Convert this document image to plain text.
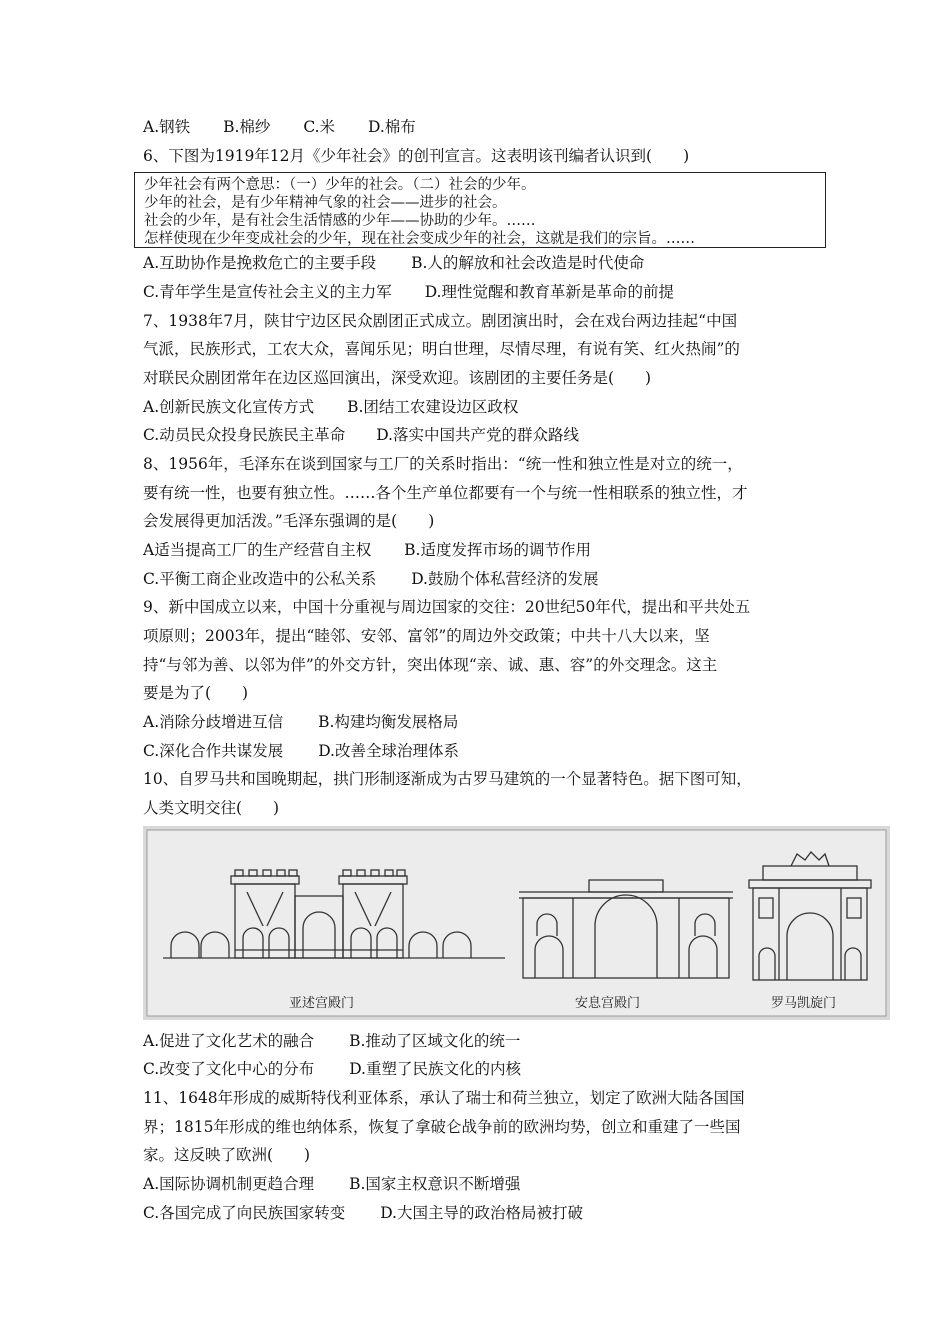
A.钢铁 B.棉纱 C.米 D.棉布
6、下图为1919年12月《少年社会》的创刊宣言。这表明该刊编者认识到(　　)
少年社会有两个意思：（一）少年的社会。（二）社会的少年。
少年的社会，是有少年精神气象的社会——进步的社会。
社会的少年，是有社会生活情感的少年——协助的少年。……
怎样使现在少年变成社会的少年，现在社会变成少年的社会，这就是我们的宗旨。……
A.互助协作是挽救危亡的主要手段 B.人的解放和社会改造是时代使命
C.青年学生是宣传社会主义的主力军 D.理性觉醒和教育革新是革命的前提
7、1938年7月，陕甘宁边区民众剧团正式成立。剧团演出时，会在戏台两边挂起“中国
气派，民族形式，工农大众，喜闻乐见；明白世理，尽情尽理，有说有笑、红火热闹”的
对联民众剧团常年在边区巡回演出，深受欢迎。该剧团的主要任务是(　　)
A.创新民族文化宣传方式 B.团结工农建设边区政权
C.动员民众投身民族民主革命 D.落实中国共产党的群众路线
8、1956年，毛泽东在谈到国家与工厂的关系时指出：“统一性和独立性是对立的统一，
要有统一性，也要有独立性。……各个生产单位都要有一个与统一性相联系的独立性，才
会发展得更加活泼。”毛泽东强调的是(　　)
A适当提高工厂的生产经营自主权 B.适度发挥市场的调节作用
C.平衡工商企业改造中的公私关系 D.鼓励个体私营经济的发展
9、新中国成立以来，中国十分重视与周边国家的交往：20世纪50年代，提出和平共处五
项原则；2003年，提出“睦邻、安邻、富邻”的周边外交政策；中共十八大以来，坚
持“与邻为善、以邻为伴”的外交方针，突出体现“亲、诚、惠、容”的外交理念。这主
要是为了(　　)
A.消除分歧增进互信 B.构建均衡发展格局
C.深化合作共谋发展 D.改善全球治理体系
10、自罗马共和国晚期起，拱门形制逐渐成为古罗马建筑的一个显著特色。据下图可知，
人类文明交往(　　)
亚述宫殿门	安息宫殿门	罗马凯旋门
A.促进了文化艺术的融合 B.推动了区域文化的统一
C.改变了文化中心的分布 D.重塑了民族文化的内核
11、1648年形成的威斯特伐利亚体系，承认了瑞士和荷兰独立，划定了欧洲大陆各国国
界；1815年形成的维也纳体系，恢复了拿破仑战争前的欧洲均势，创立和重建了一些国
家。这反映了欧洲(　　)
A.国际协调机制更趋合理 B.国家主权意识不断增强
C.各国完成了向民族国家转变 D.大国主导的政治格局被打破
